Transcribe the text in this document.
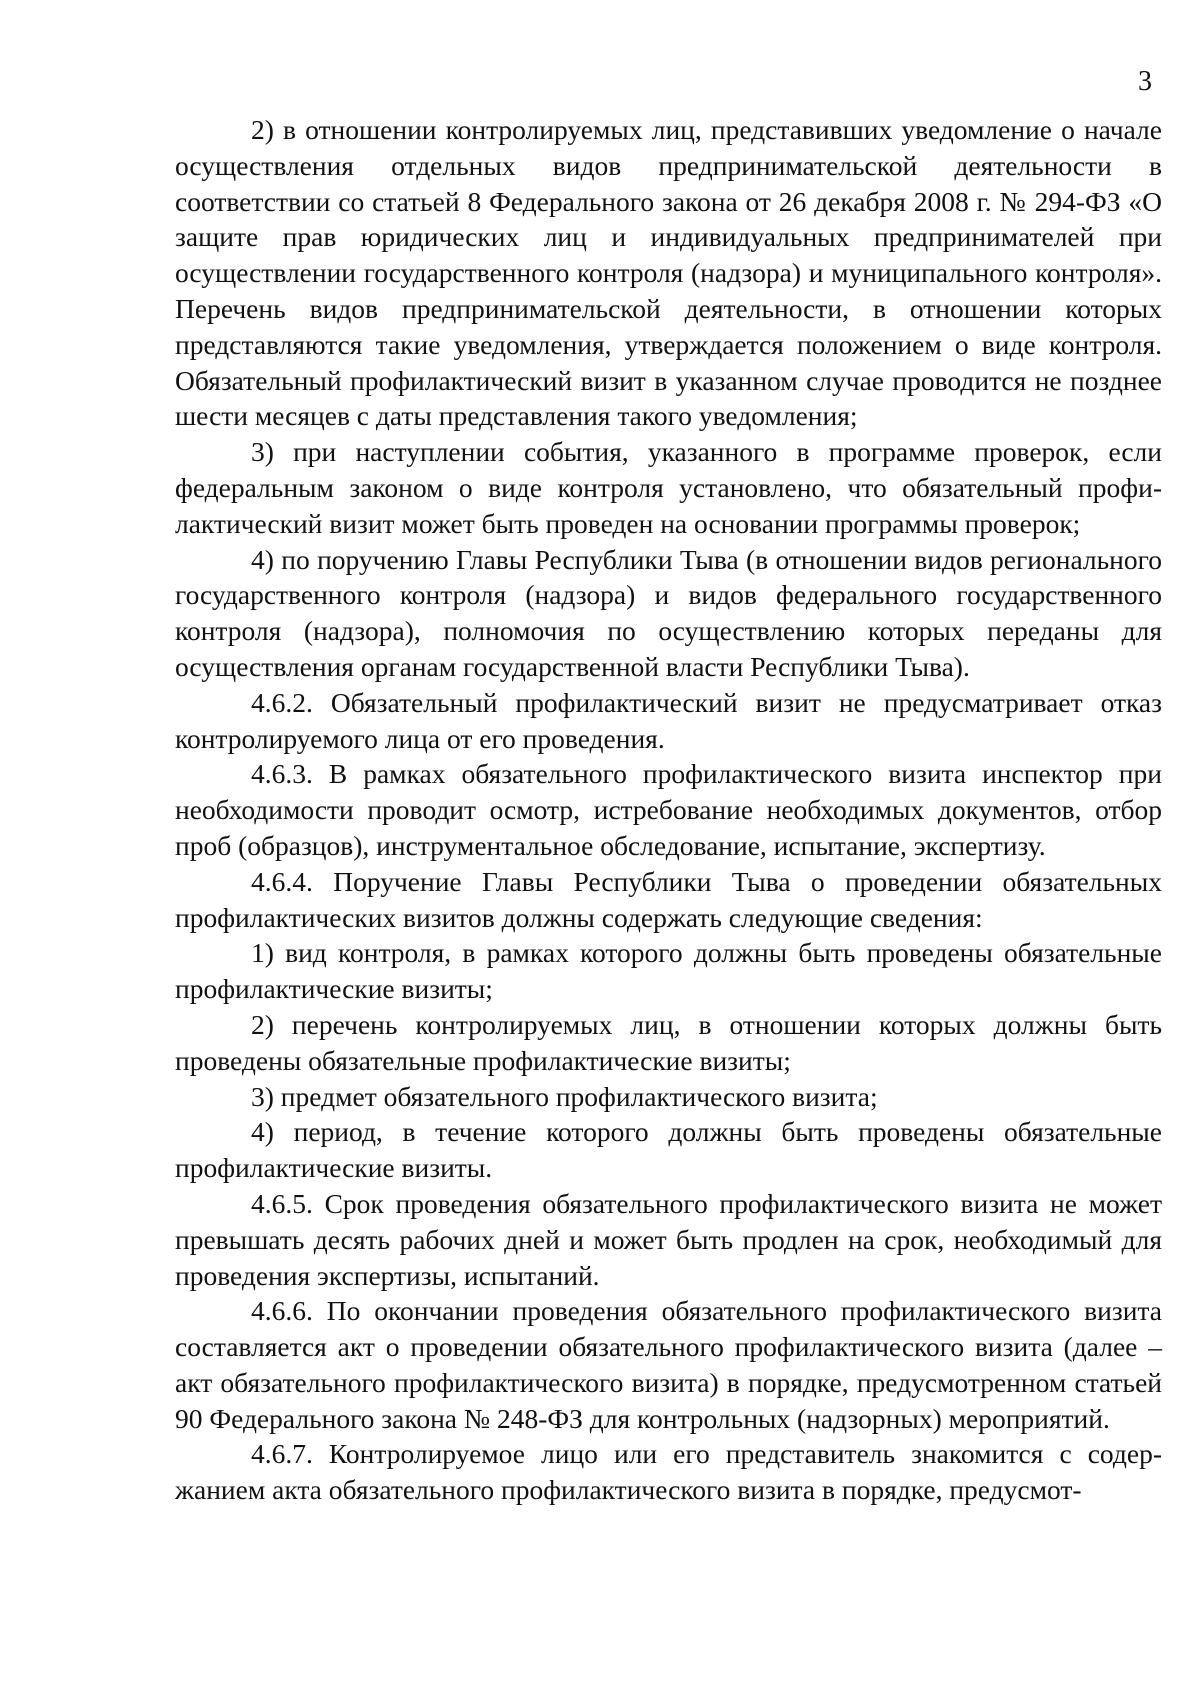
3

2) в отношении контролируемых лиц, представивших уведомление о начале осуществления отдельных видов предпринимательской деятельности в соответствии со статьей 8 Федерального закона от 26 декабря 2008 г. № 294-ФЗ «О защите прав юридических лиц и индивидуальных предпринимателей при осуществлении государственного контроля (надзора) и муниципального контроля». Перечень видов предпринимательской деятельности, в отношении которых представляются такие уведомления, утверждается положением о виде контроля. Обязательный профилактический визит в указанном случае проводится не позднее шести месяцев с даты представления такого уведомления;

3) при наступлении события, указанного в программе проверок, если федеральным законом о виде контроля установлено, что обязательный профилактический визит может быть проведен на основании программы проверок;

4) по поручению Главы Республики Тыва (в отношении видов регионального государственного контроля (надзора) и видов федерального государственного контроля (надзора), полномочия по осуществлению которых переданы для осуществления органам государственной власти Республики Тыва).

4.6.2. Обязательный профилактический визит не предусматривает отказ контролируемого лица от его проведения.

4.6.3. В рамках обязательного профилактического визита инспектор при необходимости проводит осмотр, истребование необходимых документов, отбор проб (образцов), инструментальное обследование, испытание, экспертизу.

4.6.4. Поручение Главы Республики Тыва о проведении обязательных профилактических визитов должны содержать следующие сведения:

1) вид контроля, в рамках которого должны быть проведены обязательные профилактические визиты;

2) перечень контролируемых лиц, в отношении которых должны быть проведены обязательные профилактические визиты;

3) предмет обязательного профилактического визита;

4) период, в течение которого должны быть проведены обязательные профилактические визиты.

4.6.5. Срок проведения обязательного профилактического визита не может превышать десять рабочих дней и может быть продлен на срок, необходимый для проведения экспертизы, испытаний.

4.6.6. По окончании проведения обязательного профилактического визита составляется акт о проведении обязательного профилактического визита (далее – акт обязательного профилактического визита) в порядке, предусмотренном статьей 90 Федерального закона № 248-ФЗ для контрольных (надзорных) мероприятий.

4.6.7. Контролируемое лицо или его представитель знакомится с содержанием акта обязательного профилактического визита в порядке, предусмот-
